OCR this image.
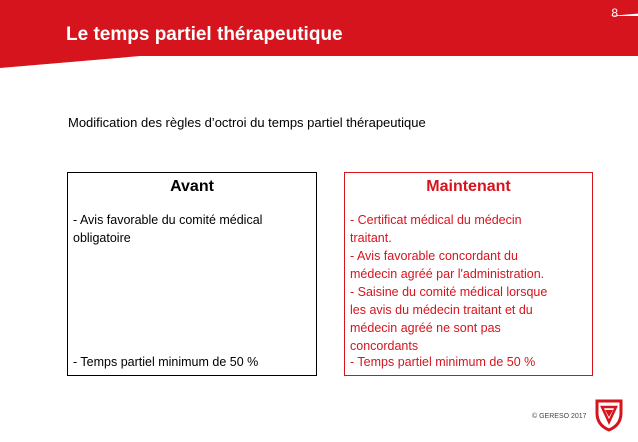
Le temps partiel thérapeutique
8
Modification des règles d’octroi du temps partiel thérapeutique
Avant
- Avis favorable du comité médical
obligatoire
- Temps partiel minimum de 50 %
Maintenant
- Certificat médical du médecin
traitant.
- Avis favorable concordant du
médecin agréé par l'administration.
- Saisine du comité médical lorsque
les avis du médecin traitant et du
médecin agréé ne sont pas
concordants
- Temps partiel minimum de 50 %
© GERESO 2017
